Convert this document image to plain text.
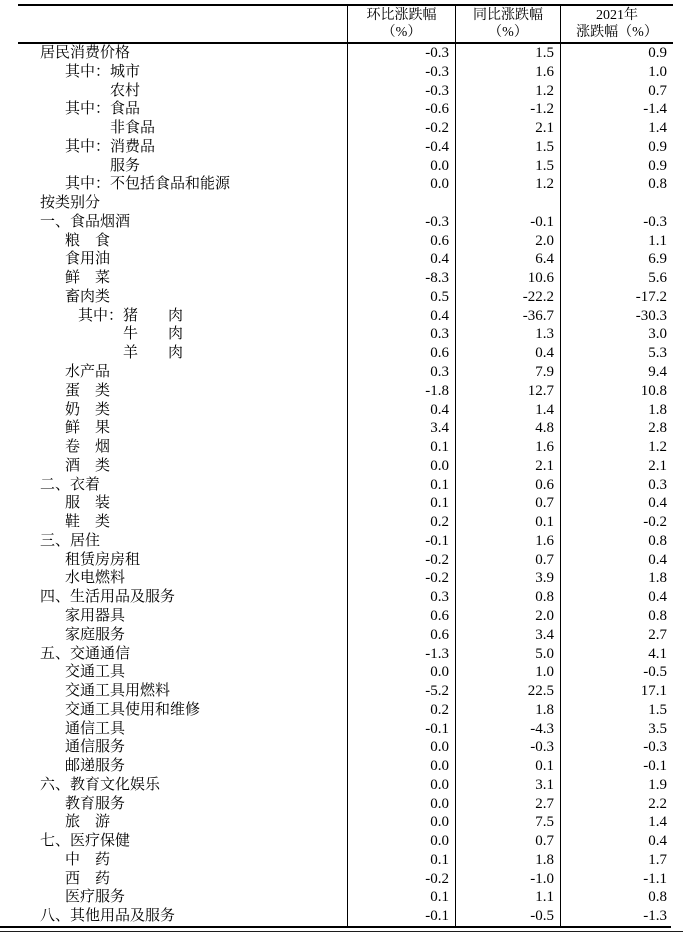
环比涨跌幅
（%）
同比涨跌幅
（%）
2021年
涨跌幅（%）
居民消费价格	-0.3	1.5	0.9
其中：城市	-0.3	1.6	1.0
农村	-0.3	1.2	0.7
其中：食品	-0.6	-1.2	-1.4
非食品	-0.2	2.1	1.4
其中：消费品	-0.4	1.5	0.9
服务	0.0	1.5	0.9
其中：不包括食品和能源	0.0	1.2	0.8
按类别分
一、食品烟酒	-0.3	-0.1	-0.3
粮　食	0.6	2.0	1.1
食用油	0.4	6.4	6.9
鲜　菜	-8.3	10.6	5.6
畜肉类	0.5	-22.2	-17.2
其中：猪　　肉	0.4	-36.7	-30.3
牛　　肉	0.3	1.3	3.0
羊　　肉	0.6	0.4	5.3
水产品	0.3	7.9	9.4
蛋　类	-1.8	12.7	10.8
奶　类	0.4	1.4	1.8
鲜　果	3.4	4.8	2.8
卷　烟	0.1	1.6	1.2
酒　类	0.0	2.1	2.1
二、衣着	0.1	0.6	0.3
服　装	0.1	0.7	0.4
鞋　类	0.2	0.1	-0.2
三、居住	-0.1	1.6	0.8
租赁房房租	-0.2	0.7	0.4
水电燃料	-0.2	3.9	1.8
四、生活用品及服务	0.3	0.8	0.4
家用器具	0.6	2.0	0.8
家庭服务	0.6	3.4	2.7
五、交通通信	-1.3	5.0	4.1
交通工具	0.0	1.0	-0.5
交通工具用燃料	-5.2	22.5	17.1
交通工具使用和维修	0.2	1.8	1.5
通信工具	-0.1	-4.3	3.5
通信服务	0.0	-0.3	-0.3
邮递服务	0.0	0.1	-0.1
六、教育文化娱乐	0.0	3.1	1.9
教育服务	0.0	2.7	2.2
旅　游	0.0	7.5	1.4
七、医疗保健	0.0	0.7	0.4
中　药	0.1	1.8	1.7
西　药	-0.2	-1.0	-1.1
医疗服务	0.1	1.1	0.8
八、其他用品及服务	-0.1	-0.5	-1.3
